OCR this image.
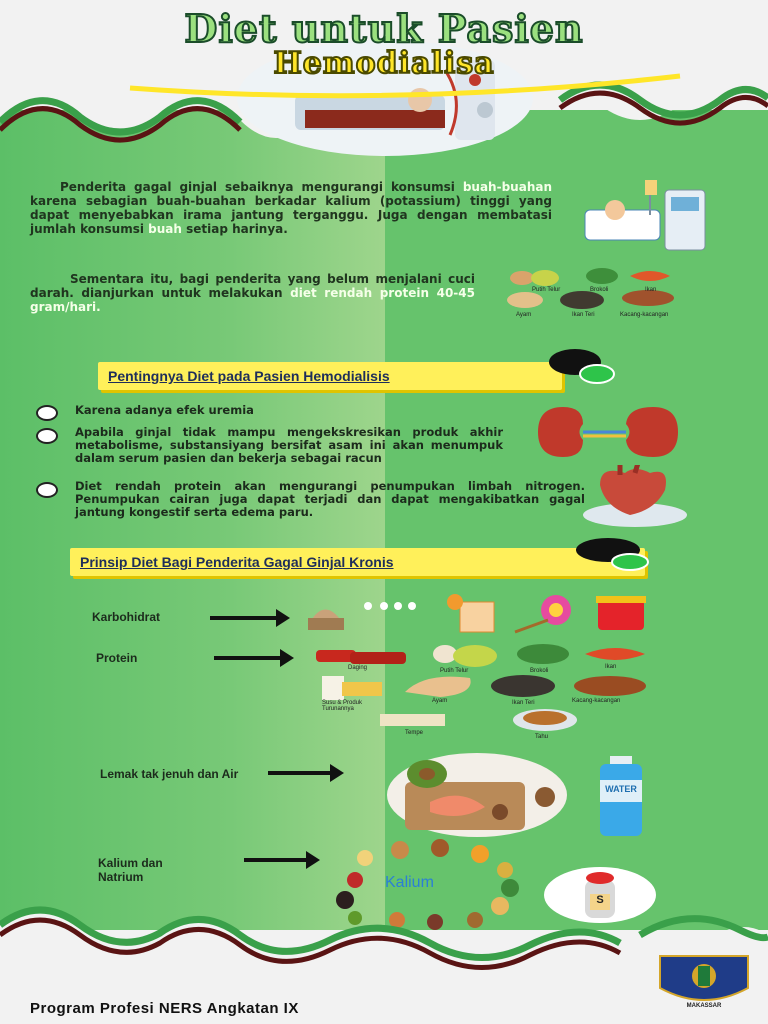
Diet untuk Pasien
Hemodialisa
Penderita gagal ginjal sebaiknya mengurangi konsumsi buah-buahan karena sebagian buah-buahan berkadar kalium (potassium) tinggi yang dapat menyebabkan irama jantung terganggu. Juga dengan membatasi jumlah konsumsi buah setiap harinya.
Sementara itu, bagi penderita yang belum menjalani cuci darah. dianjurkan untuk melakukan diet rendah protein 40-45 gram/hari.
Putih Telur	Brokoli	Ikan
Ayam	Ikan Teri	Kacang-kacangan
Pentingnya Diet pada Pasien Hemodialisis
Karena adanya efek uremia
Apabila ginjal tidak mampu mengekskresikan produk akhir metabolisme, substansiyang bersifat asam ini akan menumpuk dalam serum pasien dan bekerja sebagai racun
Diet rendah protein akan mengurangi penumpukan limbah nitrogen. Penumpukan cairan juga dapat terjadi dan dapat mengakibatkan gagal jantung kongestif serta edema paru.
Prinsip Diet Bagi Penderita Gagal Ginjal Kronis
Karbohidrat
Protein
Daging	Putih Telur	Brokoli
Ikan
Susu & Produk Turunannya
Ayam	Ikan Teri	Kacang-kacangan
Tempe
Tahu
Lemak tak jenuh dan Air
WATER
Kalium dan Natrium	Kalium
S
MAKASSAR
Program Profesi NERS Angkatan IX
